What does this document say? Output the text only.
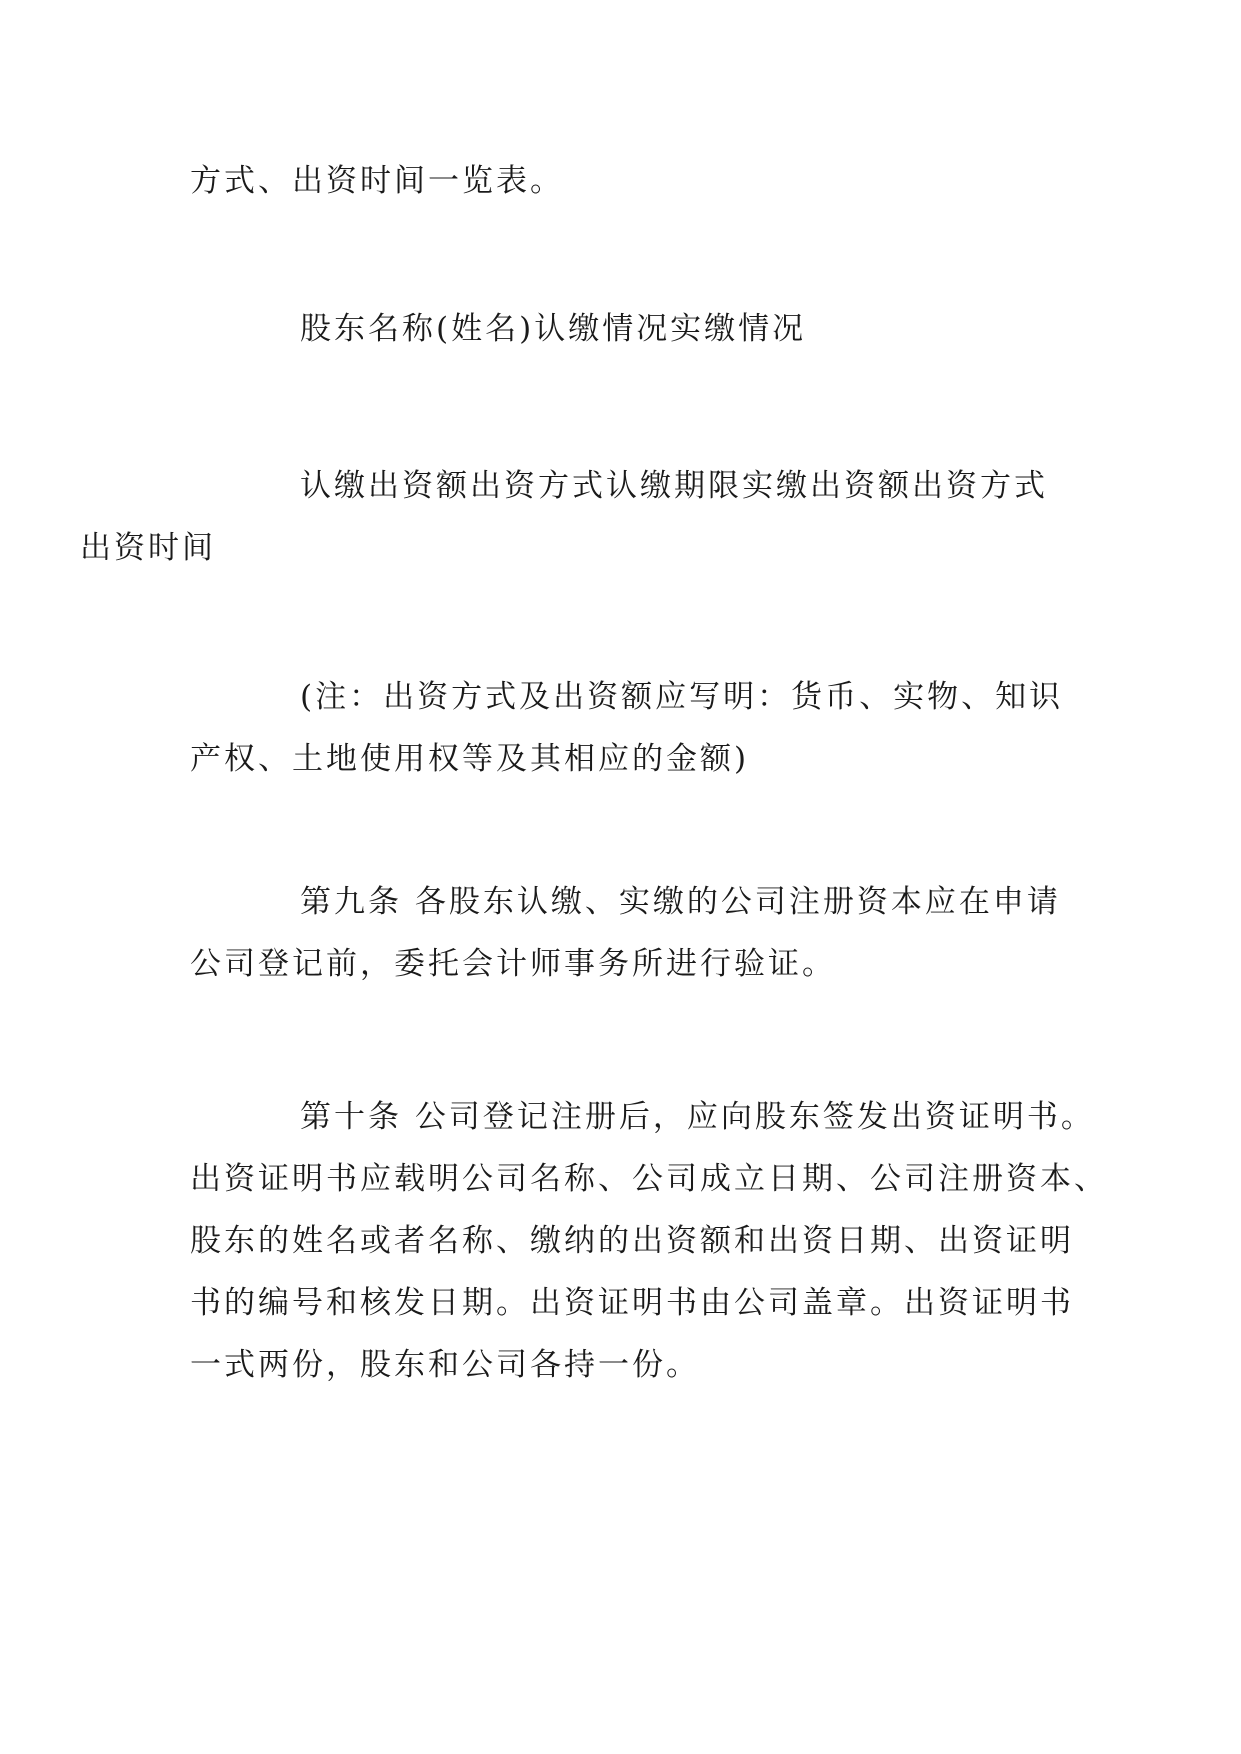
方式、出资时间一览表。
股东名称(姓名)认缴情况实缴情况
认缴出资额出资方式认缴期限实缴出资额出资方式
出资时间
(注：出资方式及出资额应写明：货币、实物、知识
产权、土地使用权等及其相应的金额)
第九条 各股东认缴、实缴的公司注册资本应在申请
公司登记前，委托会计师事务所进行验证。
第十条 公司登记注册后，应向股东签发出资证明书。
出资证明书应载明公司名称、公司成立日期、公司注册资本、
股东的姓名或者名称、缴纳的出资额和出资日期、出资证明
书的编号和核发日期。出资证明书由公司盖章。出资证明书
一式两份，股东和公司各持一份。
